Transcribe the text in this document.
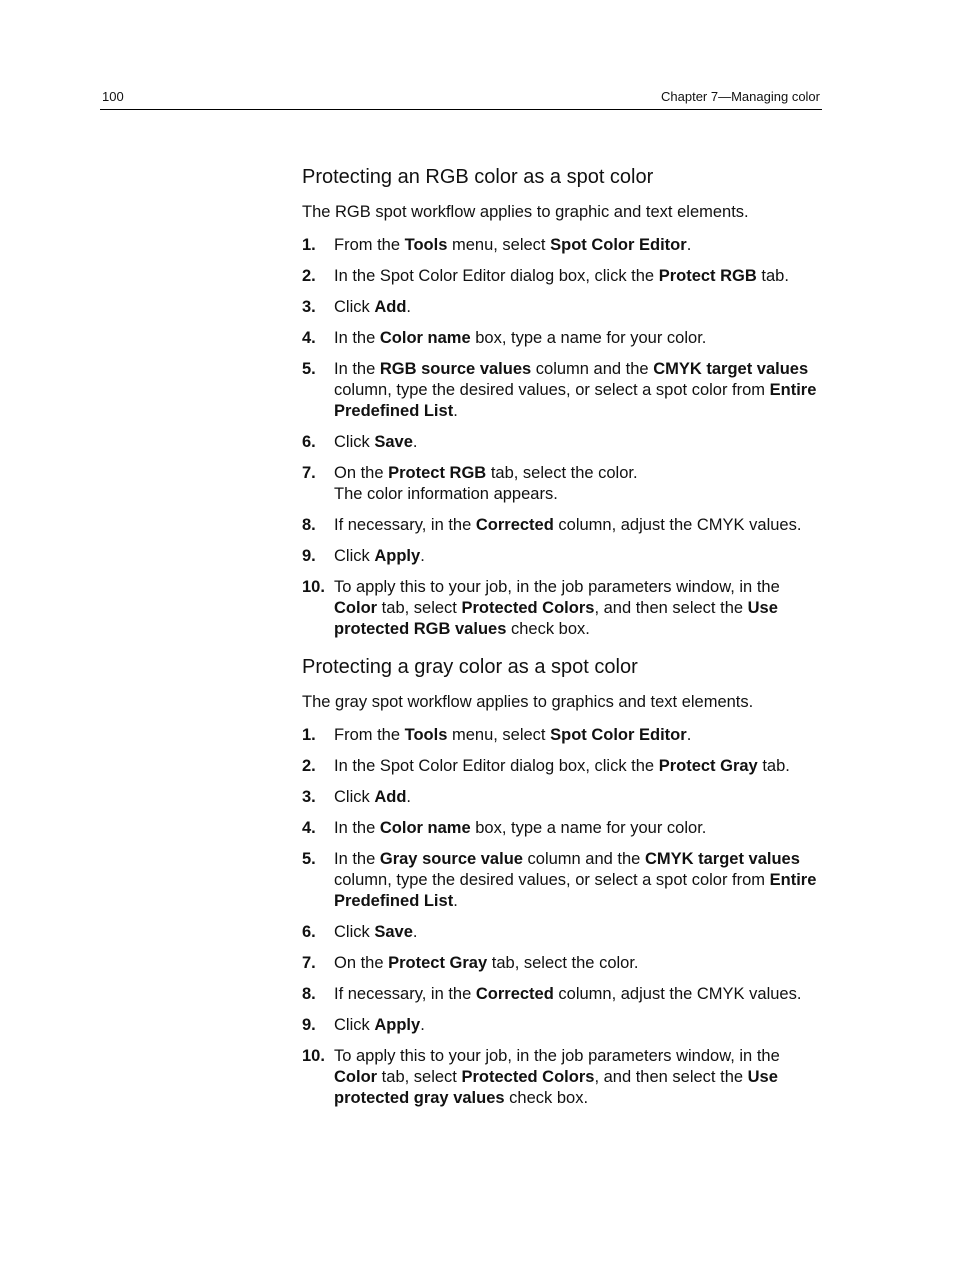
100	Chapter 7—Managing color
Protecting an RGB color as a spot color

The RGB spot workflow applies to graphic and text elements.

1. From the Tools menu, select Spot Color Editor.
2. In the Spot Color Editor dialog box, click the Protect RGB tab.
3. Click Add.
4. In the Color name box, type a name for your color.
5. In the RGB source values column and the CMYK target values column, type the desired values, or select a spot color from Entire Predefined List.
6. Click Save.
7. On the Protect RGB tab, select the color.
The color information appears.
8. If necessary, in the Corrected column, adjust the CMYK values.
9. Click Apply.
10. To apply this to your job, in the job parameters window, in the Color tab, select Protected Colors, and then select the Use protected RGB values check box.
Protecting a gray color as a spot color

The gray spot workflow applies to graphics and text elements.

1. From the Tools menu, select Spot Color Editor.
2. In the Spot Color Editor dialog box, click the Protect Gray tab.
3. Click Add.
4. In the Color name box, type a name for your color.
5. In the Gray source value column and the CMYK target values column, type the desired values, or select a spot color from Entire Predefined List.
6. Click Save.
7. On the Protect Gray tab, select the color.
8. If necessary, in the Corrected column, adjust the CMYK values.
9. Click Apply.
10. To apply this to your job, in the job parameters window, in the Color tab, select Protected Colors, and then select the Use protected gray values check box.
